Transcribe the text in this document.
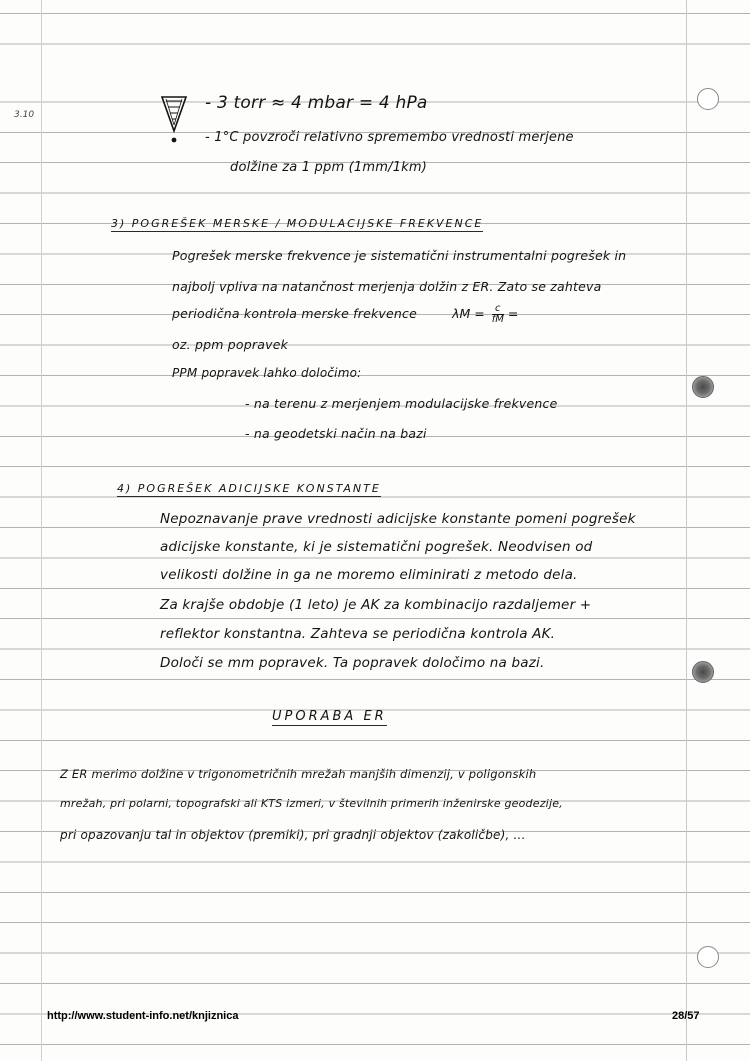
3.10
- 3 torr ≈ 4 mbar = 4 hPa
- 1°C povzroči relativno spremembo vrednosti merjene
dolžine za 1 ppm (1mm/1km)
3) POGREŠEK MERSKE / MODULACIJSKE FREKVENCE
Pogrešek merske frekvence je sistematični instrumentalni pogrešek in
najbolj vpliva na natančnost merjenja dolžin z ER. Zato se zahteva
periodična kontrola merske frekvence	$\lambda M = \frac{c}{fM}$ =
oz. ppm popravek
PPM popravek lahko določimo:
- na terenu z merjenjem modulacijske frekvence
- na geodetski način na bazi
4) POGREŠEK ADICIJSKE KONSTANTE
Nepoznavanje prave vrednosti adicijske konstante pomeni pogrešek
adicijske konstante, ki je sistematični pogrešek. Neodvisen od
velikosti dolžine in ga ne moremo eliminirati z metodo dela.
Za krajše obdobje (1 leto) je AK za kombinacijo razdaljemer +
reflektor konstantna. Zahteva se periodična kontrola AK.
Določi se mm popravek. Ta popravek določimo na bazi.
UPORABA ER
Z ER merimo dolžine v trigonometričnih mrežah manjših dimenzij, v poligonskih
mrežah, pri polarni, topografski ali KTS izmeri, v številnih primerih inženirske geodezije,
pri opazovanju tal in objektov (premiki), pri gradnji objektov (zakoličbe), ...
http://www.student-info.net/knjiznica	28/57
